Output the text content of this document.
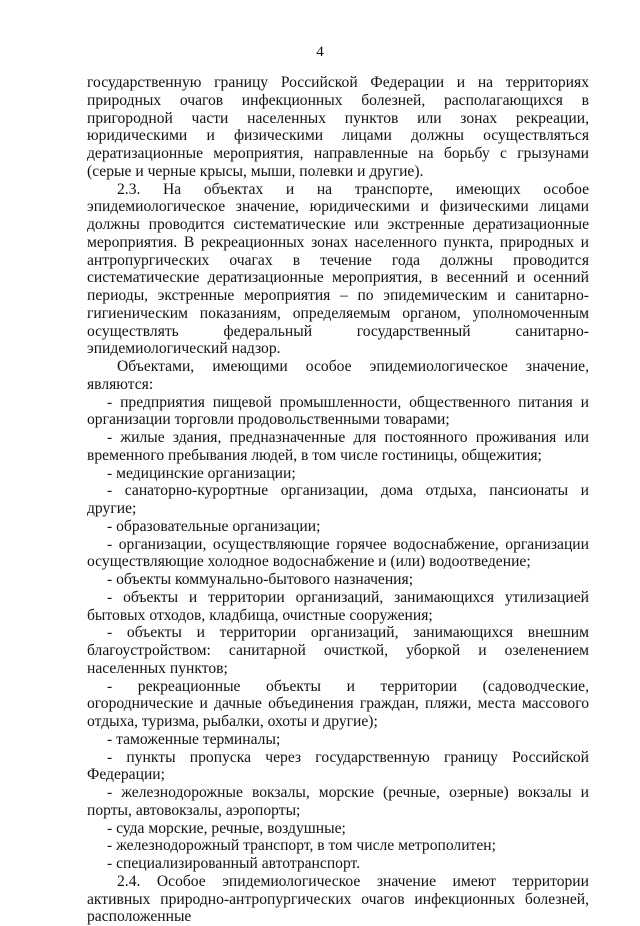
4

государственную границу Российской Федерации и на территориях природных очагов инфекционных болезней, располагающихся в пригородной части населенных пунктов или зонах рекреации, юридическими и физическими лицами должны осуществляться дератизационные мероприятия, направленные на борьбу с грызунами (серые и черные крысы, мыши, полевки и другие).

2.3. На объектах и на транспорте, имеющих особое эпидемиологическое значение, юридическими и физическими лицами должны проводится систематические или экстренные дератизационные мероприятия. В рекреационных зонах населенного пункта, природных и антропургических очагах в течение года должны проводится систематические дератизационные мероприятия, в весенний и осенний периоды, экстренные мероприятия – по эпидемическим и санитарно-гигиеническим показаниям, определяемым органом, уполномоченным осуществлять федеральный государственный санитарно-эпидемиологический надзор.

Объектами, имеющими особое эпидемиологическое значение, являются:

- предприятия пищевой промышленности, общественного питания и организации торговли продовольственными товарами;

- жилые здания, предназначенные для постоянного проживания или временного пребывания людей, в том числе гостиницы, общежития;

- медицинские организации;

- санаторно-курортные организации, дома отдыха, пансионаты и другие;

- образовательные организации;

- организации, осуществляющие горячее водоснабжение, организации осуществляющие холодное водоснабжение и (или) водоотведение;

- объекты коммунально-бытового назначения;

- объекты и территории организаций, занимающихся утилизацией бытовых отходов, кладбища, очистные сооружения;

- объекты и территории организаций, занимающихся внешним благоустройством: санитарной очисткой, уборкой и озеленением населенных пунктов;

- рекреационные объекты и территории (садоводческие, огороднические и дачные объединения граждан, пляжи, места массового отдыха, туризма, рыбалки, охоты и другие);

- таможенные терминалы;

- пункты пропуска через государственную границу Российской Федерации;

- железнодорожные вокзалы, морские (речные, озерные) вокзалы и порты, автовокзалы, аэропорты;

- суда морские, речные, воздушные;

- железнодорожный транспорт, в том числе метрополитен;

- специализированный автотранспорт.

2.4. Особое эпидемиологическое значение имеют территории активных природно-антропургических очагов инфекционных болезней, расположенные
